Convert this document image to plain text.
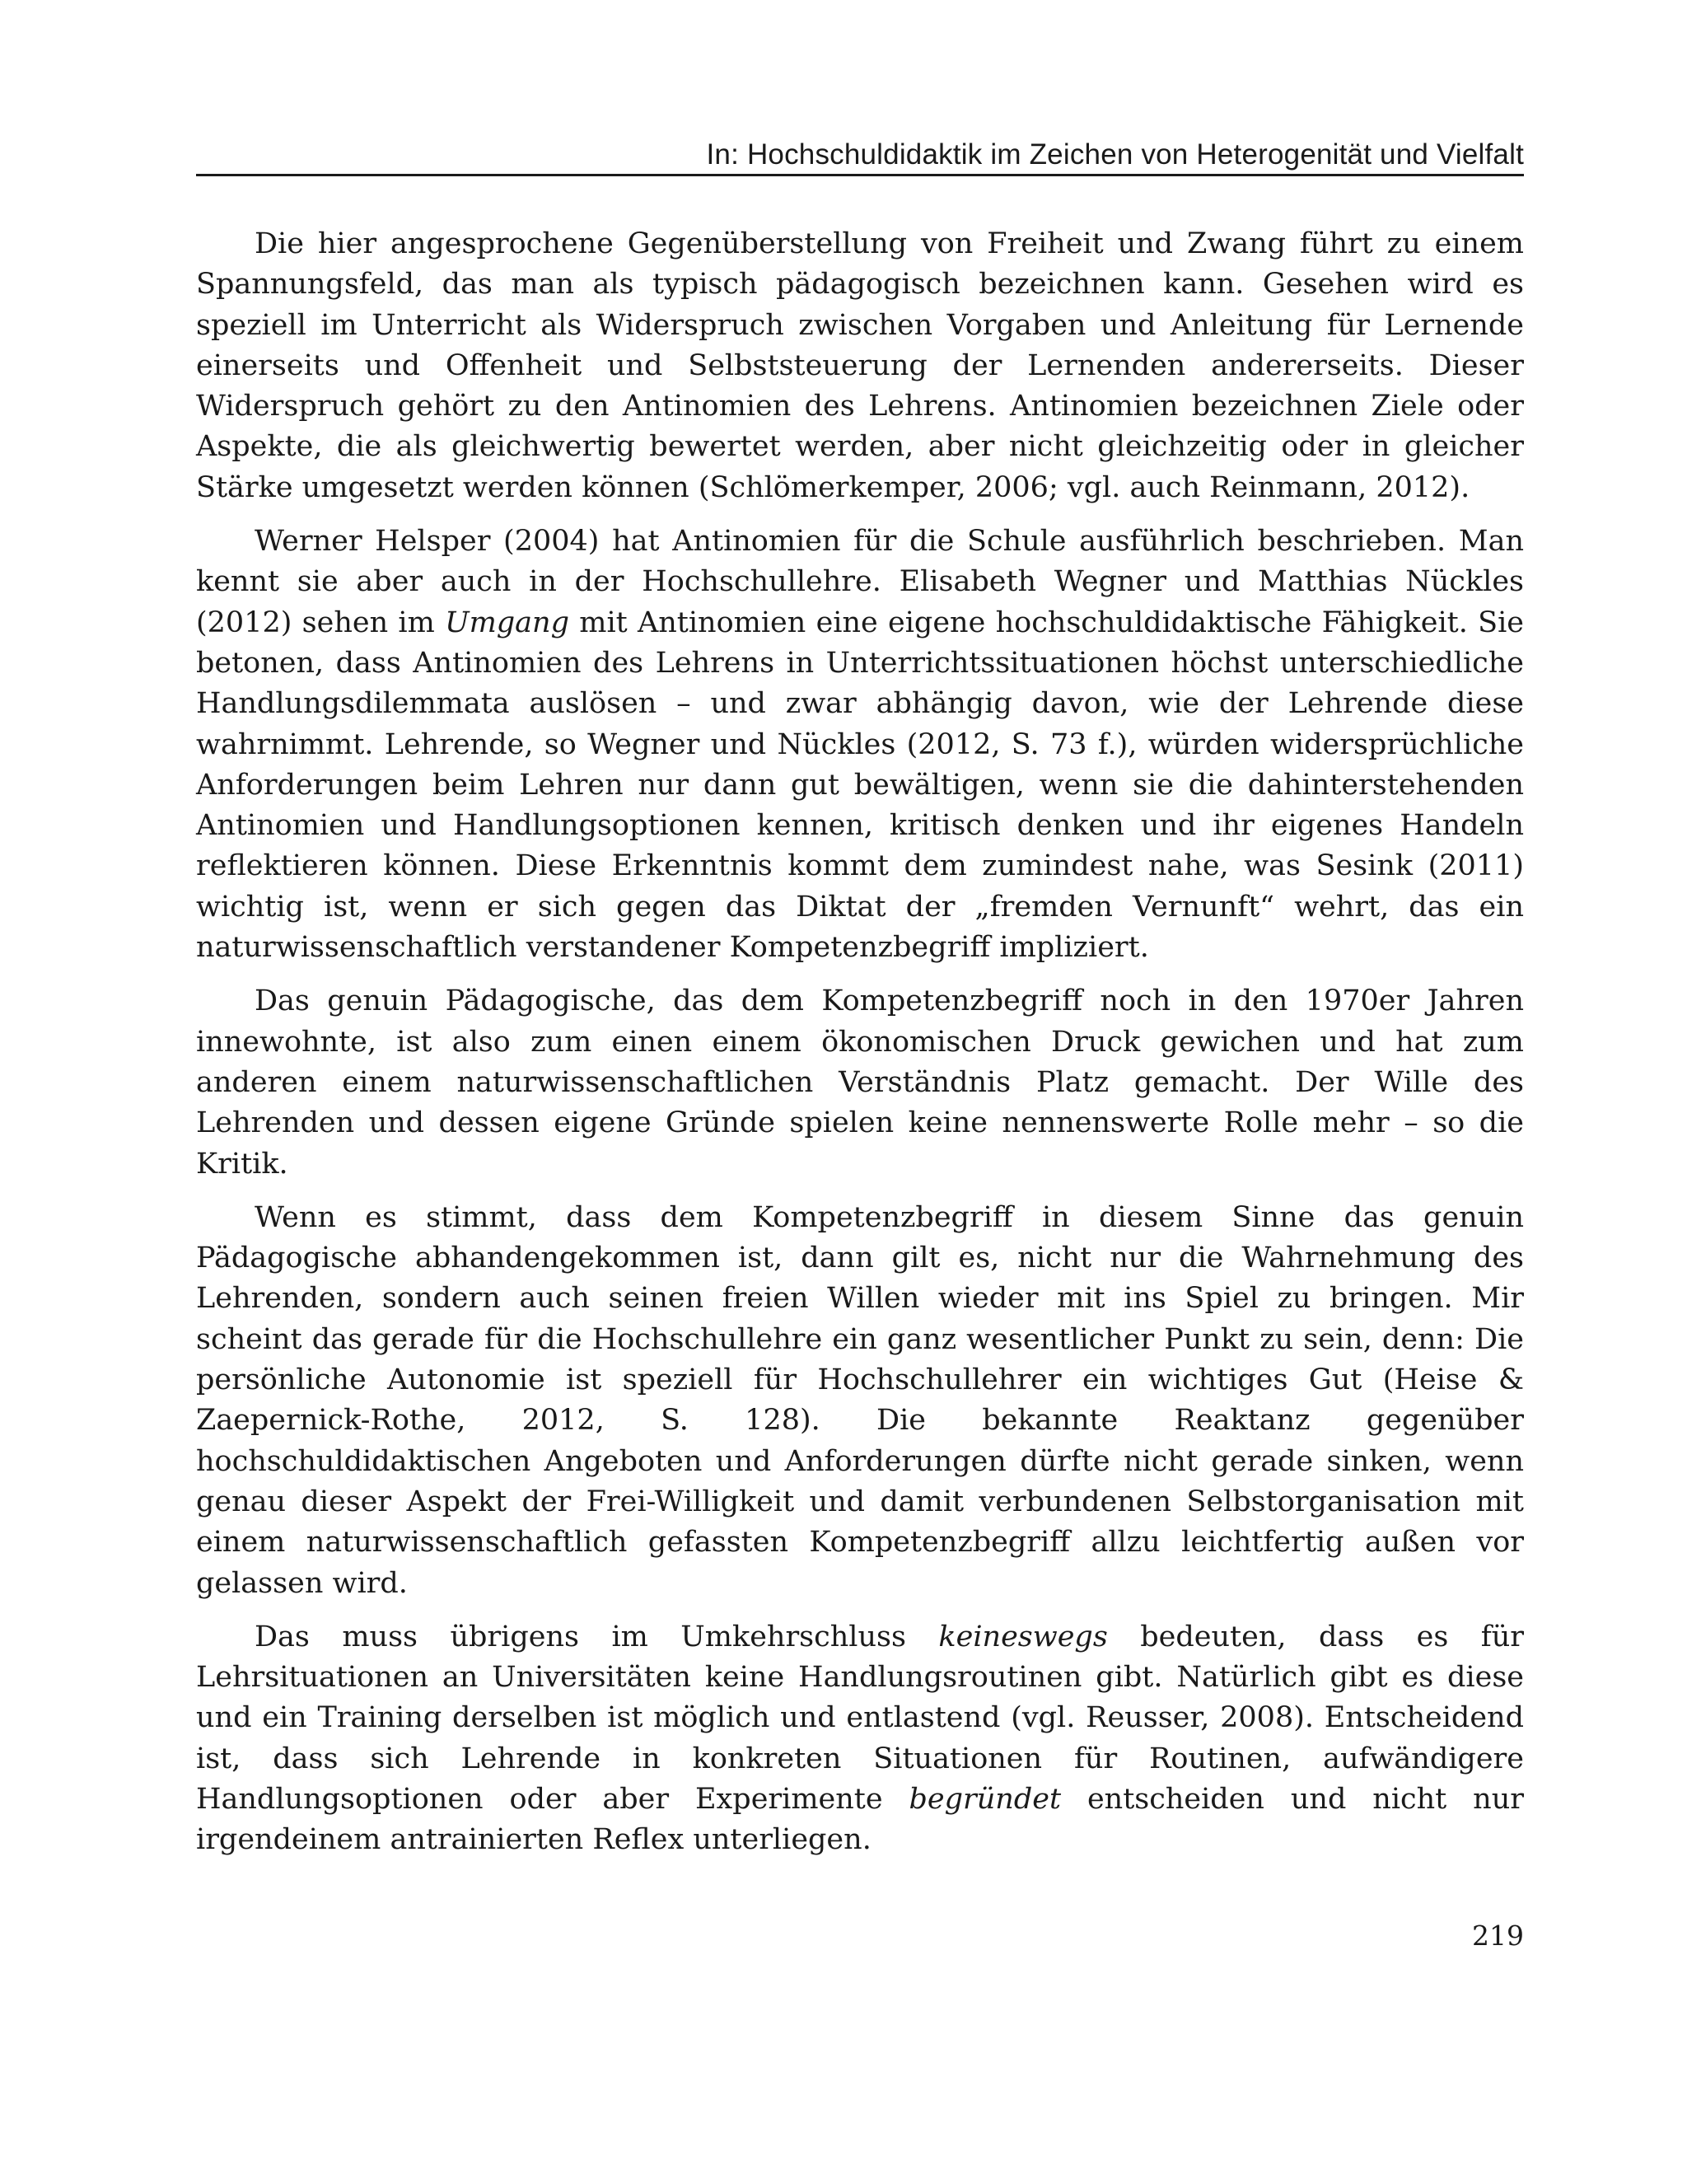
In: Hochschuldidaktik im Zeichen von Heterogenität und Vielfalt

Die hier angesprochene Gegenüberstellung von Freiheit und Zwang führt zu einem Spannungsfeld, das man als typisch pädagogisch bezeichnen kann. Gesehen wird es speziell im Unterricht als Widerspruch zwischen Vorgaben und Anleitung für Lernende einerseits und Offenheit und Selbststeuerung der Lernenden andererseits. Dieser Widerspruch gehört zu den Antinomien des Lehrens. Antinomien bezeichnen Ziele oder Aspekte, die als gleichwertig bewertet werden, aber nicht gleichzeitig oder in gleicher Stärke umgesetzt werden können (Schlömerkemper, 2006; vgl. auch Reinmann, 2012).

Werner Helsper (2004) hat Antinomien für die Schule ausführlich beschrieben. Man kennt sie aber auch in der Hochschullehre. Elisabeth Wegner und Matthias Nückles (2012) sehen im Umgang mit Antinomien eine eigene hochschuldidaktische Fähigkeit. Sie betonen, dass Antinomien des Lehrens in Unterrichtssituationen höchst unterschiedliche Handlungsdilemmata auslösen – und zwar abhängig davon, wie der Lehrende diese wahrnimmt. Lehrende, so Wegner und Nückles (2012, S. 73 f.), würden widersprüchliche Anforderungen beim Lehren nur dann gut bewältigen, wenn sie die dahinterstehenden Antinomien und Handlungsoptionen kennen, kritisch denken und ihr eigenes Handeln reflektieren können. Diese Erkenntnis kommt dem zumindest nahe, was Sesink (2011) wichtig ist, wenn er sich gegen das Diktat der „fremden Vernunft“ wehrt, das ein naturwissenschaftlich verstandener Kompetenzbegriff impliziert.

Das genuin Pädagogische, das dem Kompetenzbegriff noch in den 1970er Jahren innewohnte, ist also zum einen einem ökonomischen Druck gewichen und hat zum anderen einem naturwissenschaftlichen Verständnis Platz gemacht. Der Wille des Lehrenden und dessen eigene Gründe spielen keine nennenswerte Rolle mehr – so die Kritik.

Wenn es stimmt, dass dem Kompetenzbegriff in diesem Sinne das genuin Pädagogische abhandengekommen ist, dann gilt es, nicht nur die Wahrnehmung des Lehrenden, sondern auch seinen freien Willen wieder mit ins Spiel zu bringen. Mir scheint das gerade für die Hochschullehre ein ganz wesentlicher Punkt zu sein, denn: Die persönliche Autonomie ist speziell für Hochschullehrer ein wichtiges Gut (Heise & Zaepernick-Rothe, 2012, S. 128). Die bekannte Reaktanz gegenüber hochschuldidaktischen Angeboten und Anforderungen dürfte nicht gerade sinken, wenn genau dieser Aspekt der Frei-Willigkeit und damit verbundenen Selbstorganisation mit einem naturwissenschaftlich gefassten Kompetenzbegriff allzu leichtfertig außen vor gelassen wird.

Das muss übrigens im Umkehrschluss keineswegs bedeuten, dass es für Lehrsituationen an Universitäten keine Handlungsroutinen gibt. Natürlich gibt es diese und ein Training derselben ist möglich und entlastend (vgl. Reusser, 2008). Entscheidend ist, dass sich Lehrende in konkreten Situationen für Routinen, aufwändigere Handlungsoptionen oder aber Experimente begründet entscheiden und nicht nur irgendeinem antrainierten Reflex unterliegen.

219
